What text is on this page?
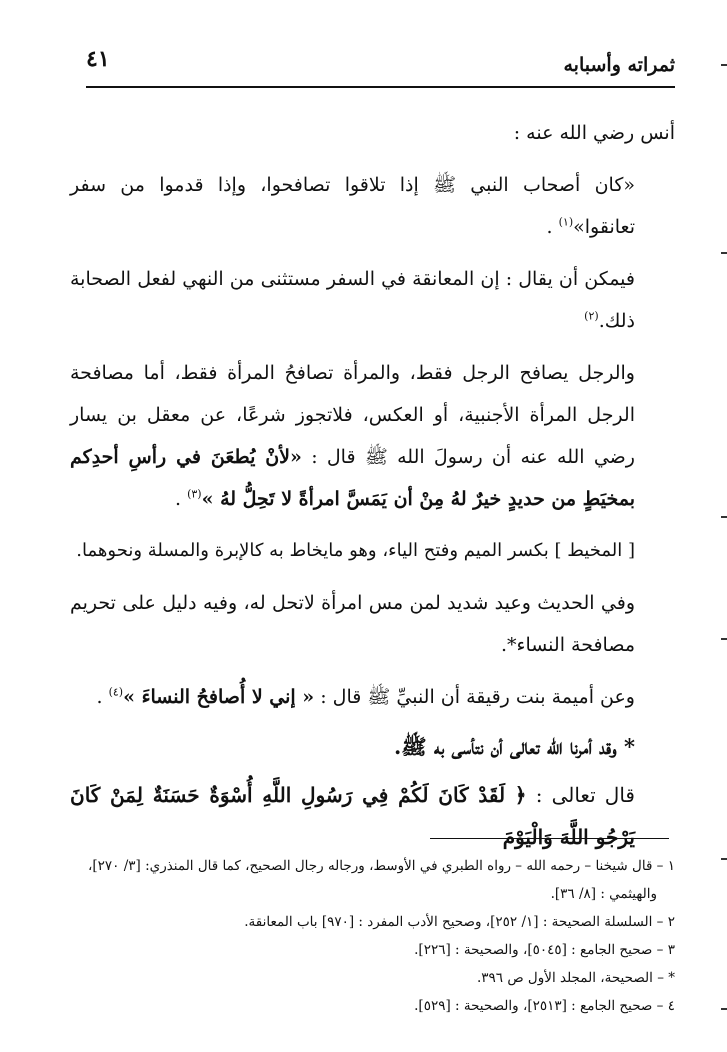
ثمراته وأسبابه
٤١

أنس رضي الله عنه :

«كان أصحاب النبي ﷺ إذا تلاقوا تصافحوا، وإذا قدموا من سفر تعانقوا»$^{(١)}$ .

فيمكن أن يقال : إن المعانقة في السفر مستثنى من النهي لفعل الصحابة ذلك.$^{(٢)}$

والرجل يصافح الرجل فقط، والمرأة تصافحُ المرأة فقط، أما مصافحة الرجل المرأة الأجنبية، أو العكس، فلاتجوز شرعًا، عن معقل بن يسار رضي الله عنه أن رسولَ الله ﷺ قال : «لأنْ يُطعَنَ في رأسِ أحدِكم بمخيَطٍ من حديدٍ خيرٌ لهُ مِنْ أن يَمَسَّ امرأةً لا تَحِلُّ لهُ »$^{(٣)}$ .

[ المخيط ] بكسر الميم وفتح الياء، وهو مايخاط به كالإبرة والمسلة ونحوهما.

وفي الحديث وعيد شديد لمن مس امرأة لاتحل له، وفيه دليل على تحريم مصافحة النساء*.

وعن أميمة بنت رقيقة أن النبيِّ ﷺ قال : « إني لا أُصافحُ النساءَ »$^{(٤)}$ .

* وقد أمرنا الله تعالى أن نتأسى به ﷺ.

قال تعالى : ﴿ لَقَدْ كَانَ لَكُمْ فِي رَسُولِ اللَّهِ أُسْوَةٌ حَسَنَةٌ لِمَنْ كَانَ يَرْجُو اللَّهَ وَالْيَوْمَ

١ – قال شيخنا – رحمه الله – رواه الطبري في الأوسط، ورجاله رجال الصحيح، كما قال المنذري: [٣/ ٢٧٠]،

والهيثمي : [٨/ ٣٦].

٢ – السلسلة الصحيحة : [١/ ٢٥٢]، وصحيح الأدب المفرد : [٩٧٠] باب المعانقة.

٣ – صحيح الجامع : [٥٠٤٥]، والصحيحة : [٢٢٦].

* – الصحيحة، المجلد الأول ص ٣٩٦.

٤ – صحيح الجامع : [٢٥١٣]، والصحيحة : [٥٢٩].
